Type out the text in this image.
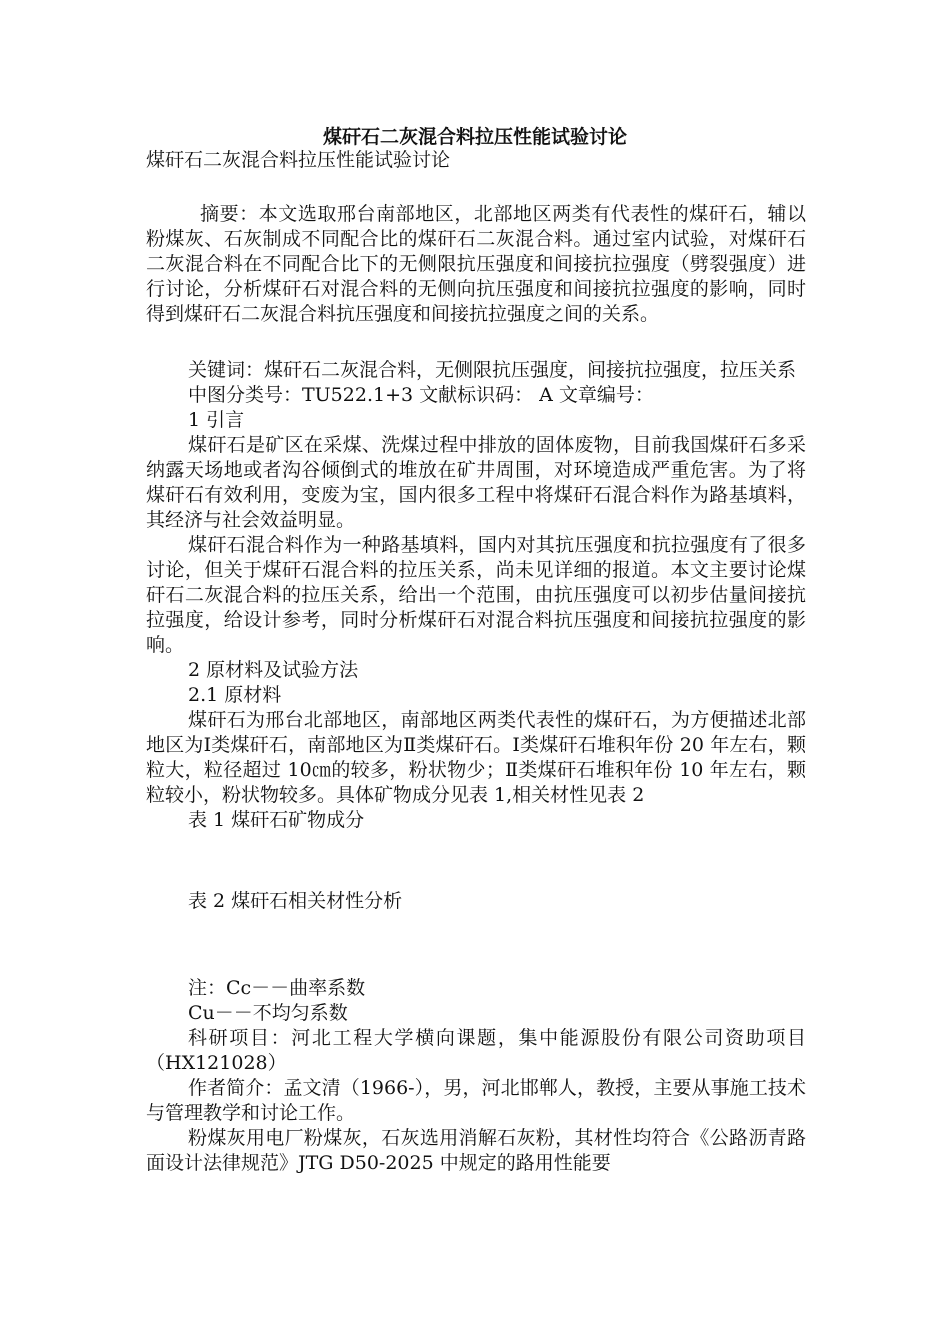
煤矸石二灰混合料拉压性能试验讨论

煤矸石二灰混合料拉压性能试验讨论

摘要：本文选取邢台南部地区，北部地区两类有代表性的煤矸石，辅以粉煤灰、石灰制成不同配合比的煤矸石二灰混合料。通过室内试验，对煤矸石二灰混合料在不同配合比下的无侧限抗压强度和间接抗拉强度（劈裂强度）进行讨论，分析煤矸石对混合料的无侧向抗压强度和间接抗拉强度的影响，同时得到煤矸石二灰混合料抗压强度和间接抗拉强度之间的关系。

关键词：煤矸石二灰混合料，无侧限抗压强度，间接抗拉强度，拉压关系

中图分类号：TU522.1+3 文献标识码： A 文章编号：

1 引言

煤矸石是矿区在采煤、洗煤过程中排放的固体废物，目前我国煤矸石多采纳露天场地或者沟谷倾倒式的堆放在矿井周围，对环境造成严重危害。为了将煤矸石有效利用，变废为宝，国内很多工程中将煤矸石混合料作为路基填料，其经济与社会效益明显。

煤矸石混合料作为一种路基填料，国内对其抗压强度和抗拉强度有了很多讨论，但关于煤矸石混合料的拉压关系，尚未见详细的报道。本文主要讨论煤矸石二灰混合料的拉压关系，给出一个范围，由抗压强度可以初步估量间接抗拉强度，给设计参考，同时分析煤矸石对混合料抗压强度和间接抗拉强度的影响。

2 原材料及试验方法

2.1 原材料

煤矸石为邢台北部地区，南部地区两类代表性的煤矸石，为方便描述北部地区为Ⅰ类煤矸石，南部地区为Ⅱ类煤矸石。Ⅰ类煤矸石堆积年份 20 年左右，颗粒大，粒径超过 10㎝的较多，粉状物少；Ⅱ类煤矸石堆积年份 10 年左右，颗粒较小，粉状物较多。具体矿物成分见表 1,相关材性见表 2

表 1 煤矸石矿物成分

表 2 煤矸石相关材性分析

注：Cc－－曲率系数

Cu－－不均匀系数

科研项目：河北工程大学横向课题，集中能源股份有限公司资助项目（HX121028）

作者简介：孟文清（1966-），男，河北邯郸人，教授，主要从事施工技术与管理教学和讨论工作。

粉煤灰用电厂粉煤灰，石灰选用消解石灰粉，其材性均符合《公路沥青路面设计法律规范》JTG D50-2025 中规定的路用性能要
